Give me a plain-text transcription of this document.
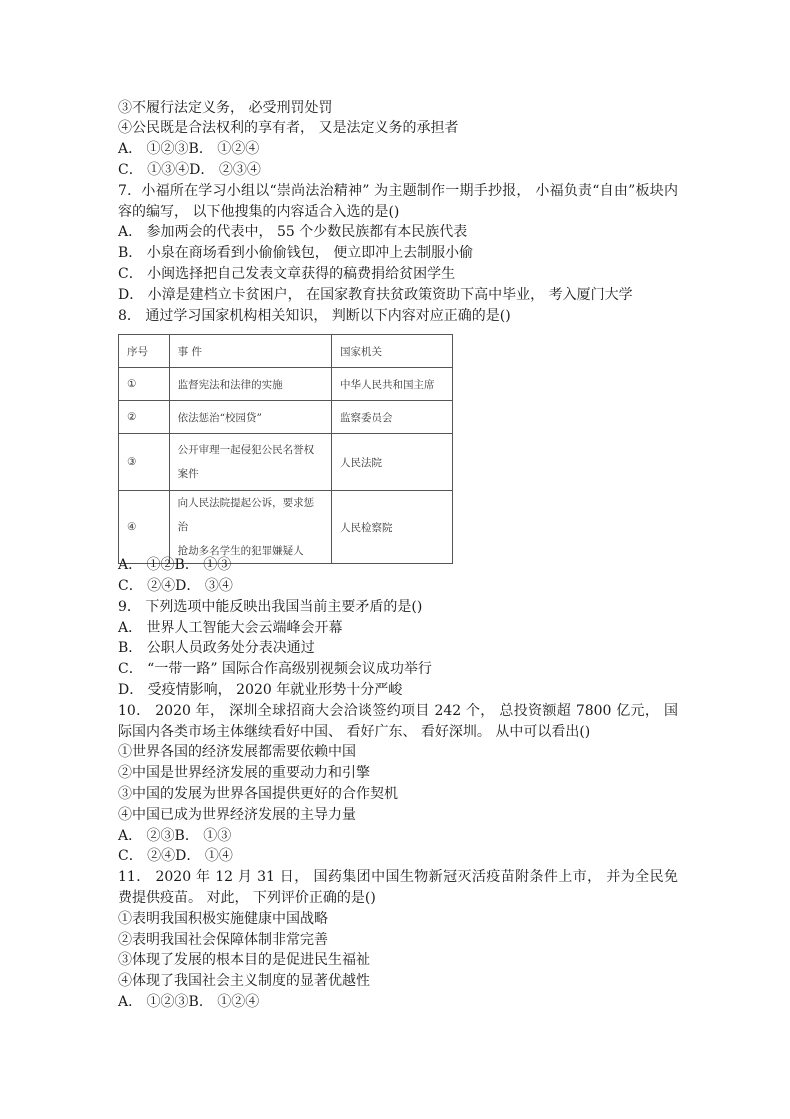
③不履行法定义务， 必受刑罚处罚
④公民既是合法权利的享有者， 又是法定义务的承担者
A． ①②③B． ①②④
C． ①③④D． ②③④
7．小福所在学习小组以“崇尚法治精神” 为主题制作一期手抄报， 小福负责“自由”板块内
容的编写， 以下他搜集的内容适合入选的是()
A． 参加两会的代表中， 55 个少数民族都有本民族代表
B． 小泉在商场看到小偷偷钱包， 便立即冲上去制服小偷
C． 小闽选择把自己发表文章获得的稿费捐给贫困学生
D． 小漳是建档立卡贫困户， 在国家教育扶贫政策资助下高中毕业， 考入厦门大学
8． 通过学习国家机构相关知识， 判断以下内容对应正确的是()
序号	事 件	国家机关
①	监督宪法和法律的实施	中华人民共和国主席
②	依法惩治“校园贷”	监察委员会
③	公开审理一起侵犯公民名誉权
案件	人民法院
④	向人民法院提起公诉，要求惩治
抢劫多名学生的犯罪嫌疑人	人民检察院
A． ①②B． ①③
C． ②④D． ③④
9． 下列选项中能反映出我国当前主要矛盾的是()
A． 世界人工智能大会云端峰会开幕
B． 公职人员政务处分表决通过
C． “一带一路” 国际合作高级别视频会议成功举行
D． 受疫情影响， 2020 年就业形势十分严峻
10． 2020 年， 深圳全球招商大会洽谈签约项目 242 个， 总投资额超 7800 亿元， 国
际国内各类市场主体继续看好中国、 看好广东、 看好深圳。 从中可以看出()
①世界各国的经济发展都需要依赖中国
②中国是世界经济发展的重要动力和引擎
③中国的发展为世界各国提供更好的合作契机
④中国已成为世界经济发展的主导力量
A． ②③B． ①③
C． ②④D． ①④
11． 2020 年 12 月 31 日， 国药集团中国生物新冠灭活疫苗附条件上市， 并为全民免
费提供疫苗。 对此， 下列评价正确的是()
①表明我国积极实施健康中国战略
②表明我国社会保障体制非常完善
③体现了发展的根本目的是促进民生福祉
④体现了我国社会主义制度的显著优越性
A． ①②③B． ①②④
